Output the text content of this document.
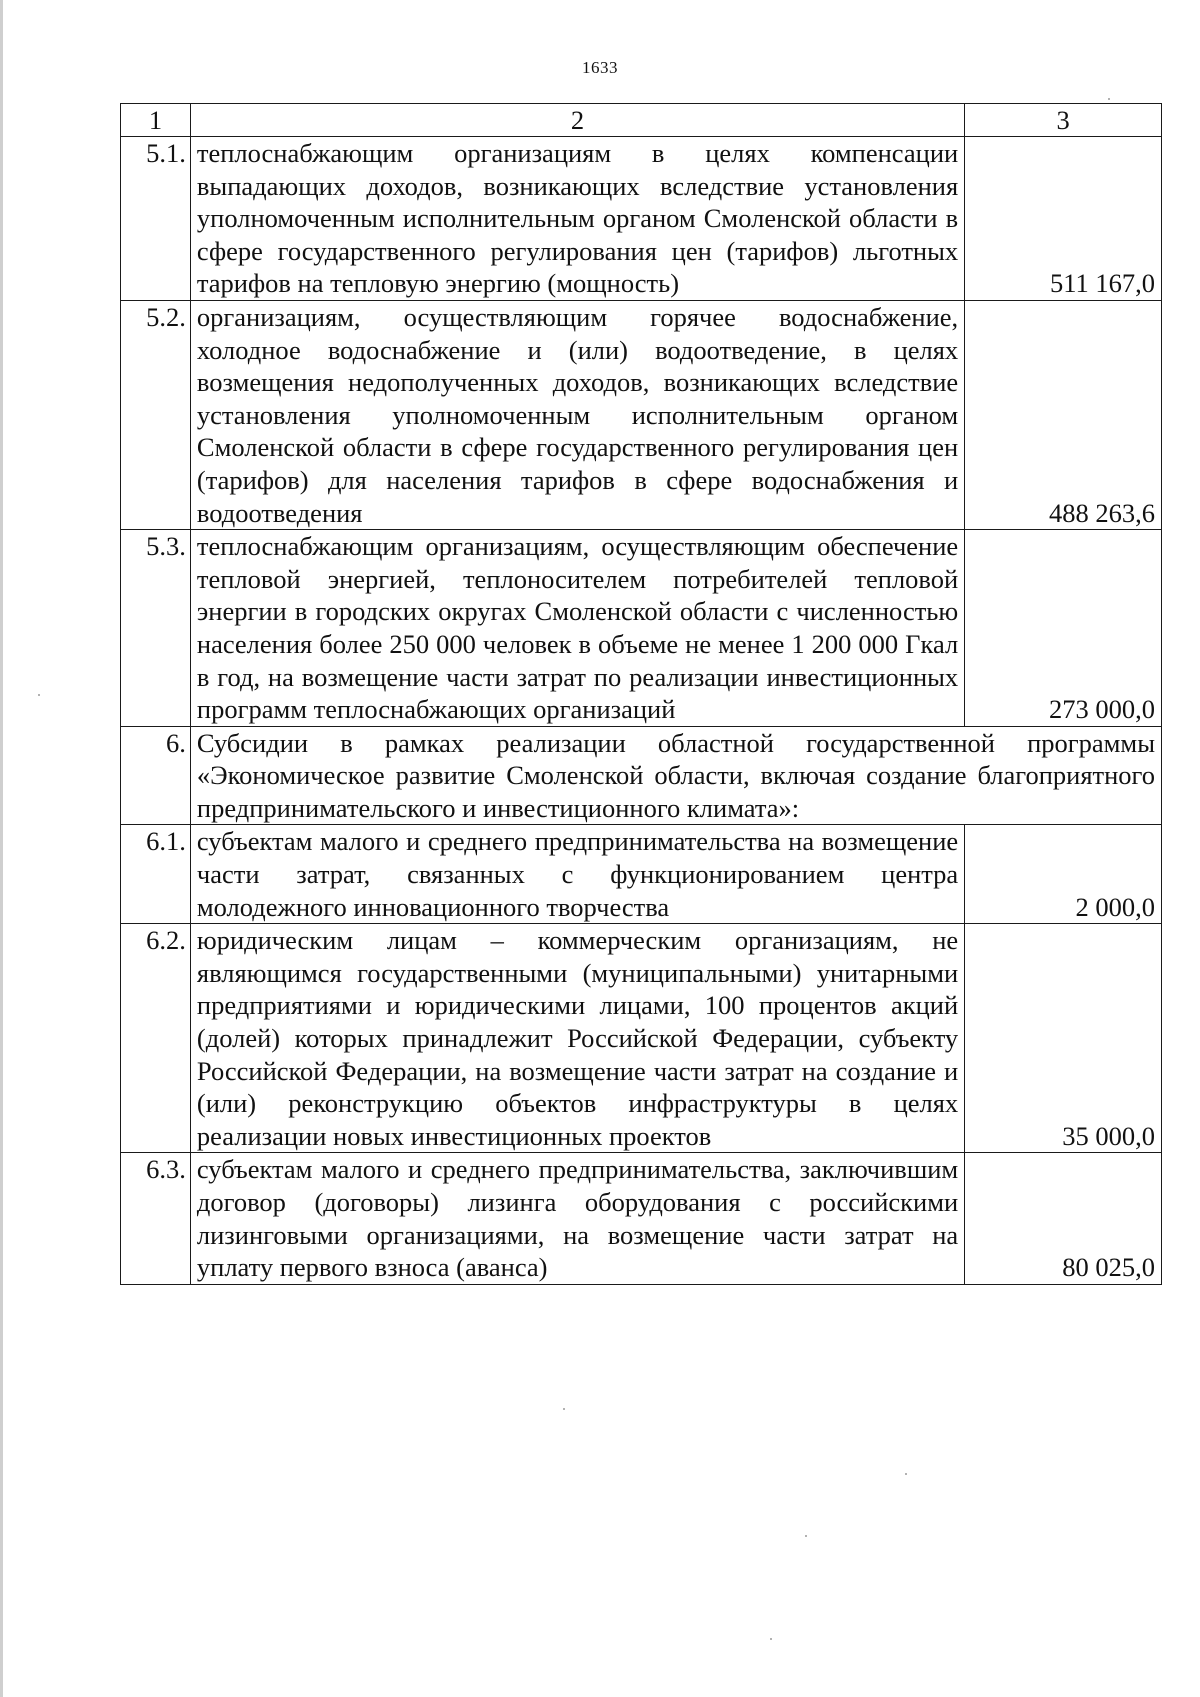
1633
1	2	3
5.1.	теплоснабжающим организациям в целях компенсации выпадающих доходов, возникающих вследствие установления уполномоченным исполнительным органом Смоленской области в сфере государственного регулирования цен (тарифов) льготных тарифов на тепловую энергию (мощность)	511 167,0
5.2.	организациям, осуществляющим горячее водоснабжение, холодное водоснабжение и (или) водоотведение, в целях возмещения недополученных доходов, возникающих вследствие установления уполномоченным исполнительным органом Смоленской области в сфере государственного регулирования цен (тарифов) для населения тарифов в сфере водоснабжения и водоотведения	488 263,6
5.3.	теплоснабжающим организациям, осуществляющим обеспечение тепловой энергией, теплоносителем потребителей тепловой энергии в городских округах Смоленской области с численностью населения более 250 000 человек в объеме не менее 1 200 000 Гкал в год, на возмещение части затрат по реализации инвестиционных программ теплоснабжающих организаций	273 000,0
6.	Субсидии в рамках реализации областной государственной программы «Экономическое развитие Смоленской области, включая создание благоприятного предпринимательского и инвестиционного климата»:	
6.1.	субъектам малого и среднего предпринимательства на возмещение части затрат, связанных с функционированием центра молодежного инновационного творчества	2 000,0
6.2.	юридическим лицам – коммерческим организациям, не являющимся государственными (муниципальными) унитарными предприятиями и юридическими лицами, 100 процентов акций (долей) которых принадлежит Российской Федерации, субъекту Российской Федерации, на возмещение части затрат на создание и (или) реконструкцию объектов инфраструктуры в целях реализации новых инвестиционных проектов	35 000,0
6.3.	субъектам малого и среднего предпринимательства, заключившим договор (договоры) лизинга оборудования с российскими лизинговыми организациями, на возмещение части затрат на уплату первого взноса (аванса)	80 025,0
